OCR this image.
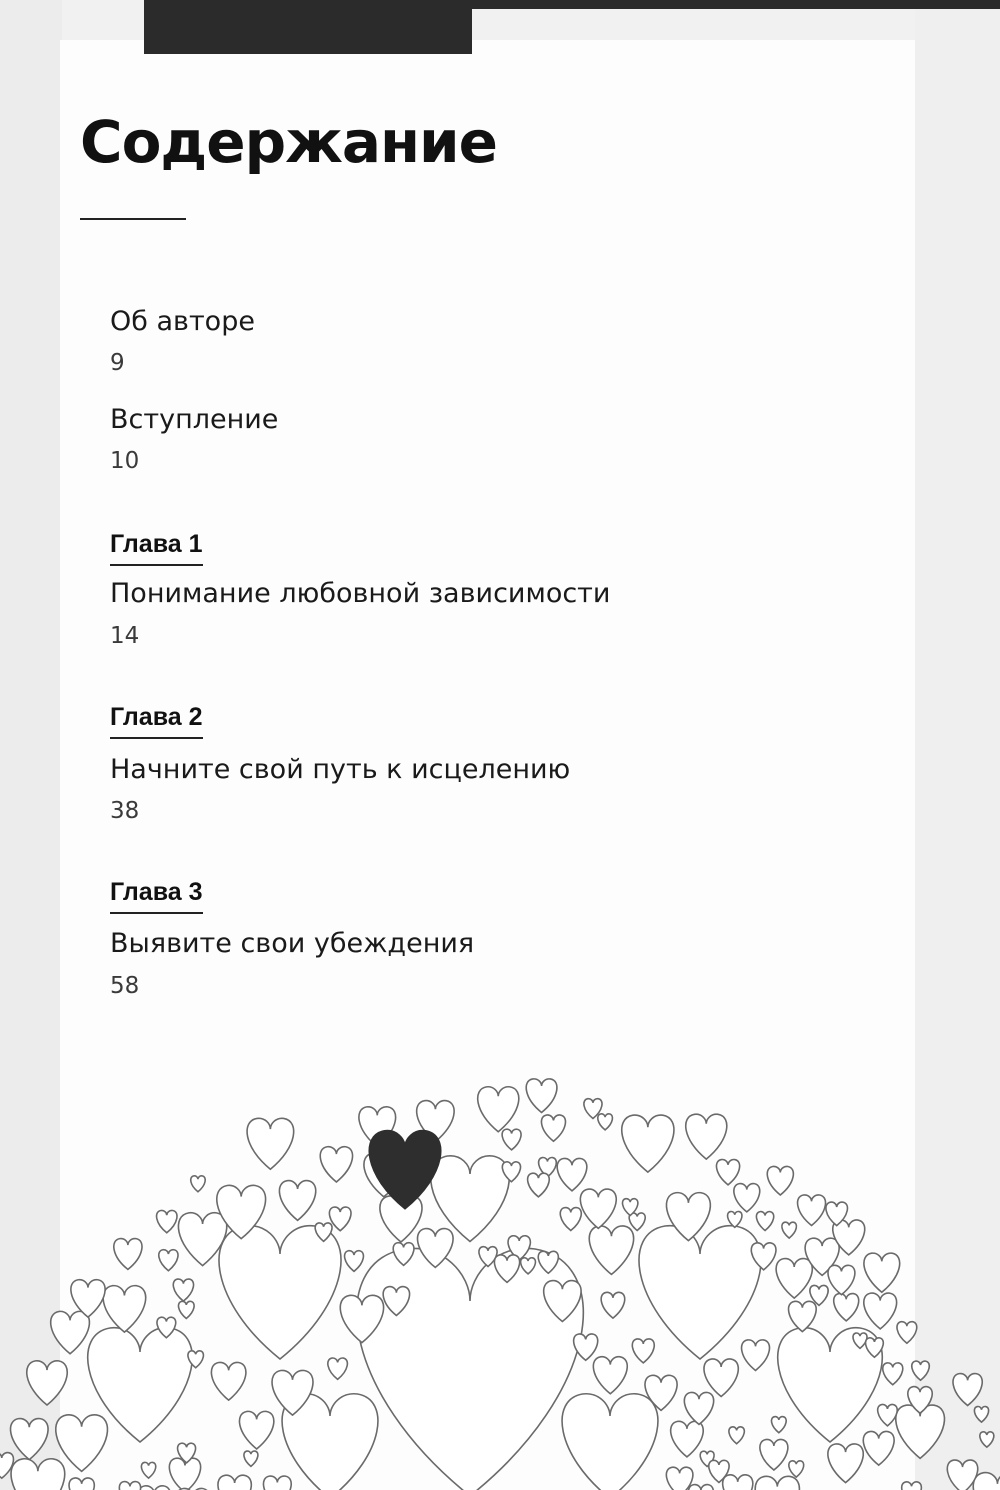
Содержание
Об авторе
9
Вступление
10
Глава 1
Понимание любовной зависимости
14
Глава 2
Начните свой путь к исцелению
38
Глава 3
Выявите свои убеждения
58
